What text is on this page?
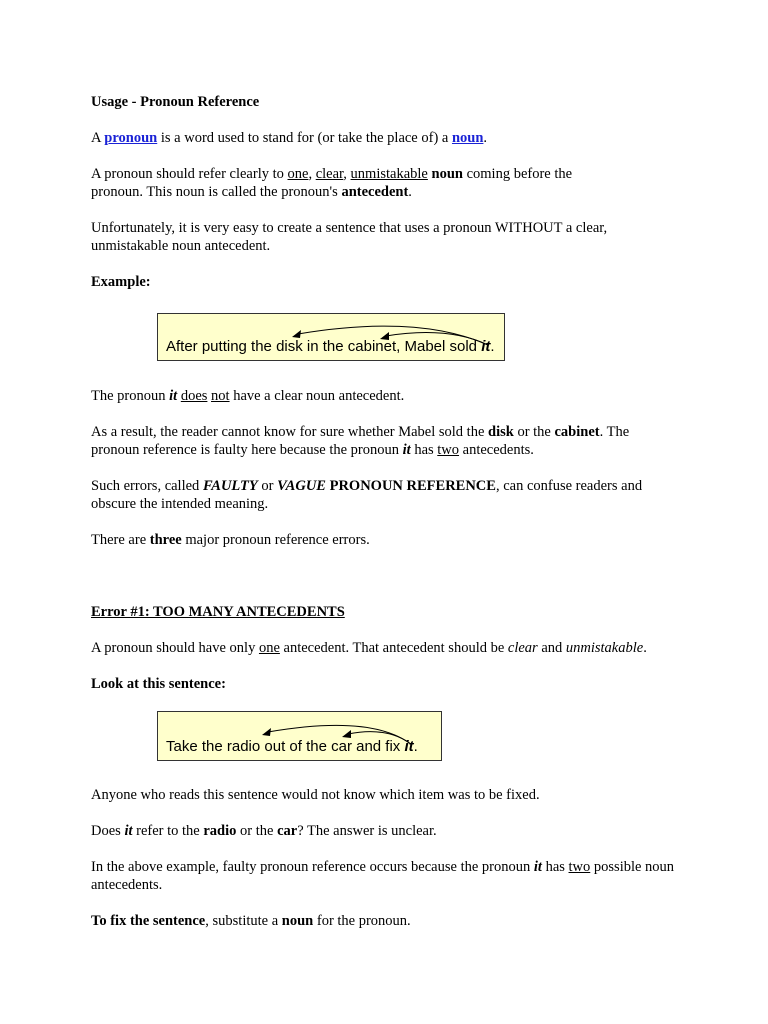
Usage - Pronoun Reference

A pronoun is a word used to stand for (or take the place of) a noun.

A pronoun should refer clearly to one, clear, unmistakable noun coming before the pronoun. This noun is called the pronoun's antecedent.

Unfortunately, it is very easy to create a sentence that uses a pronoun WITHOUT a clear, unmistakable noun antecedent.

Example:

After putting the disk in the cabinet, Mabel sold it.

The pronoun it does not have a clear noun antecedent.

As a result, the reader cannot know for sure whether Mabel sold the disk or the cabinet. The pronoun reference is faulty here because the pronoun it has two antecedents.

Such errors, called FAULTY or VAGUE PRONOUN REFERENCE, can confuse readers and obscure the intended meaning.

There are three major pronoun reference errors.

Error #1: TOO MANY ANTECEDENTS

A pronoun should have only one antecedent. That antecedent should be clear and unmistakable.

Look at this sentence:

Take the radio out of the car and fix it.

Anyone who reads this sentence would not know which item was to be fixed.

Does it refer to the radio or the car? The answer is unclear.

In the above example, faulty pronoun reference occurs because the pronoun it has two possible noun antecedents.

To fix the sentence, substitute a noun for the pronoun.
